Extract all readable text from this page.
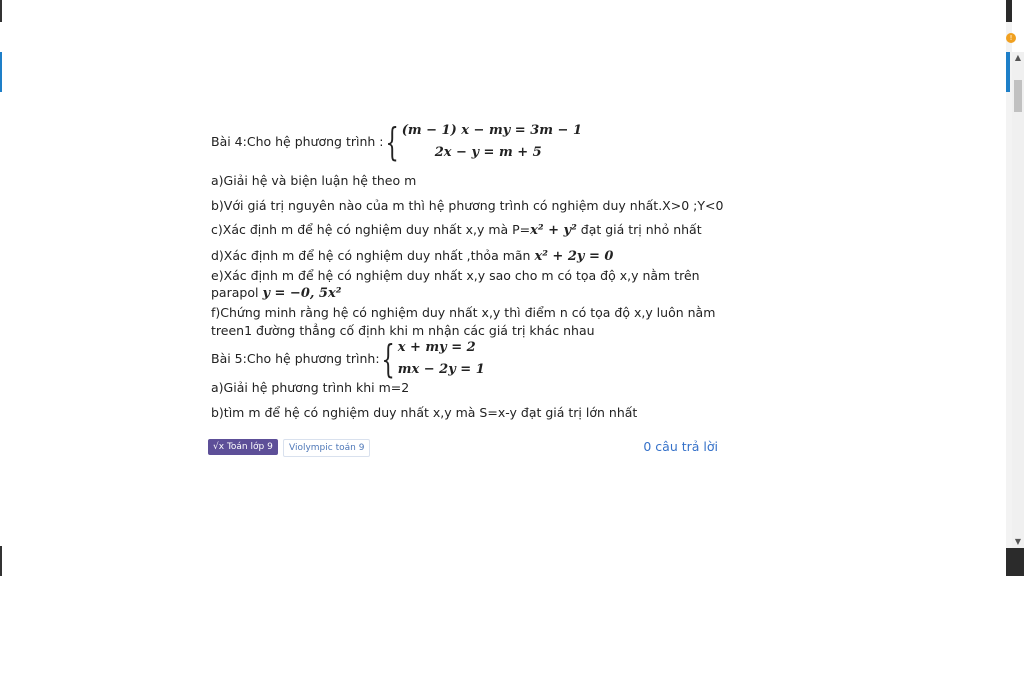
!
▲
▼
Bài 4:Cho hệ phương trình : { (m − 1) x − my = 3m − 1
2x − y = m + 5
a)Giải hệ và biện luận hệ theo m
b)Với giá trị nguyên nào của m thì hệ phương trình có nghiệm duy nhất.X>0 ;Y<0
c)Xác định m để hệ có nghiệm duy nhất x,y mà P=x² + y² đạt giá trị nhỏ nhất
d)Xác định m để hệ có nghiệm duy nhất ,thỏa mãn x² + 2y = 0
e)Xác định m để hệ có nghiệm duy nhất x,y sao cho m có tọa độ x,y nằm trên
parapol y = −0, 5x²
f)Chứng minh rằng hệ có nghiệm duy nhất x,y thì điểm n có tọa độ x,y luôn nằm
treen1 đường thẳng cố định khi m nhận các giá trị khác nhau
Bài 5:Cho hệ phương trình: { x + my = 2
mx − 2y = 1
a)Giải hệ phương trình khi m=2
b)tìm m để hệ có nghiệm duy nhất x,y mà S=x-y đạt giá trị lớn nhất
√x Toán lớp 9	Violympic toán 9	0 câu trả lời
